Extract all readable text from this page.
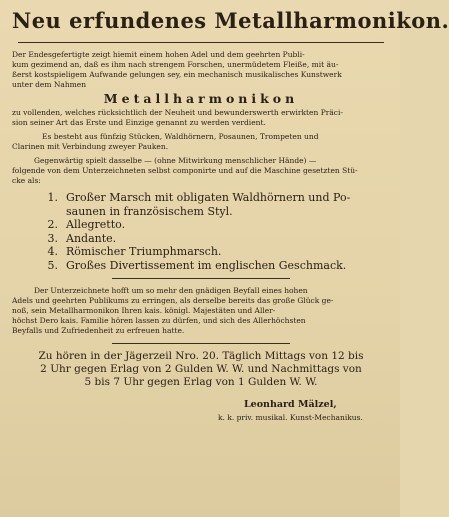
Neu erfundenes Metallharmonikon.

Der Endesgefertigte zeigt hiemit einem hohen Adel und dem geehrten Publi-
kum gezimend an, daß es ihm nach strengem Forschen, unermüdetem Fleiße, mit äu-
ßerst kostspieligem Aufwande gelungen sey, ein mechanisch musikalisches Kunstwerk
unter dem Nahmen

Metallharmonikon

zu vollenden, welches rücksichtlich der Neuheit und bewunderswerth erwirkten Präci-
sion seiner Art das Erste und Einzige genannt zu werden verdient.

Es besteht aus fünfzig Stücken, Waldhörnern, Posaunen, Trompeten und
Clarinen mit Verbindung zweyer Pauken.

Gegenwärtig spielt dasselbe — (ohne Mitwirkung menschlicher Hände) —
folgende von dem Unterzeichneten selbst componirte und auf die Maschine gesetzten Stü-
cke als:

1. Großer Marsch mit obligaten Waldhörnern und Po-
saunen in französischem Styl.
2. Allegretto.
3. Andante.
4. Römischer Triumphmarsch.
5. Großes Divertissement im englischen Geschmack.

Der Unterzeichnete hofft um so mehr den gnädigen Beyfall eines hohen
Adels und geehrten Publikums zu erringen, als derselbe bereits das große Glück ge-
noß, sein Metallharmonikon Ihren kais. königl. Majestäten und Aller-
höchst Dero kais. Familie hören lassen zu dürfen, und sich des Allerhöchsten
Beyfalls und Zufriedenheit zu erfreuen hatte.

Zu hören in der Jägerzeil Nro. 20. Täglich Mittags von 12 bis
2 Uhr gegen Erlag von 2 Gulden W. W. und Nachmittags von
5 bis 7 Uhr gegen Erlag von 1 Gulden W. W.
Leonhard Mälzel,
k. k. priv. musikal. Kunst-Mechanikus.
